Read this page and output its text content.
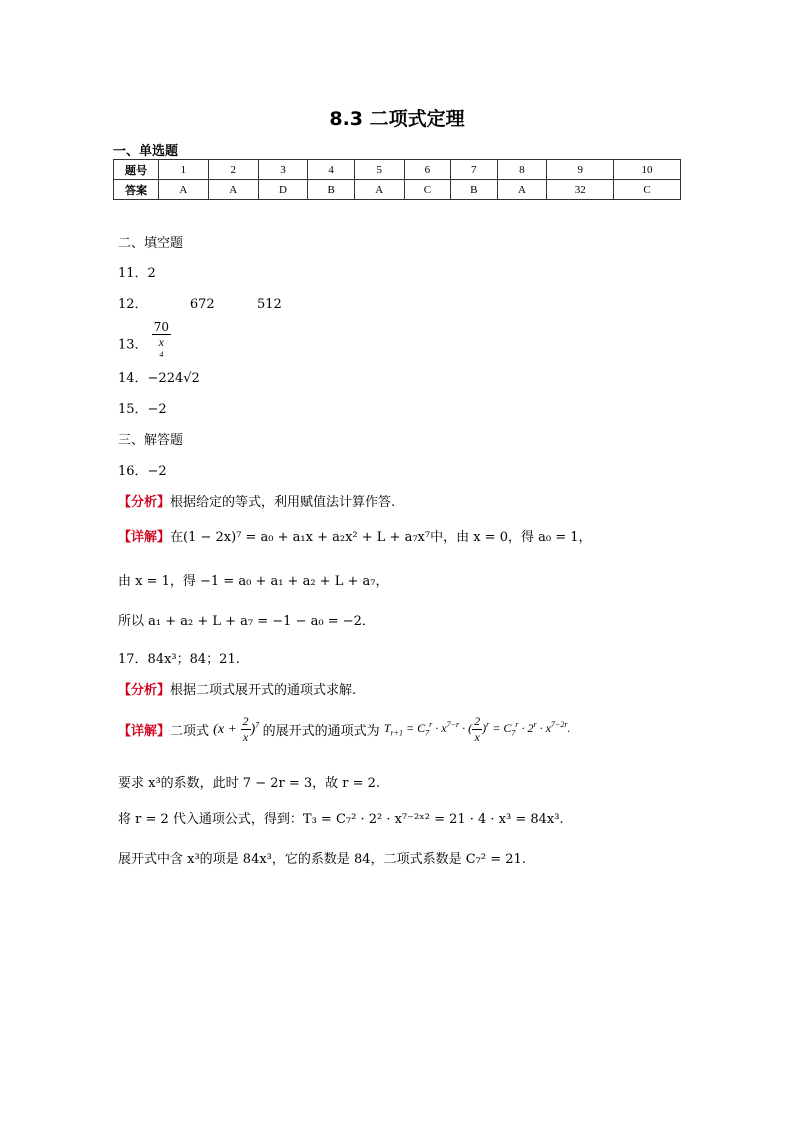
8.3 二项式定理
一、单选题
题号	1	2	3	4	5	6	7	8	9	10
答案	A	A	D	B	A	C	B	A	32	C
二、填空题
11．2
12．	672	512
13． 70
x
$^4$
14．−224√2
15．−2
三、解答题
16．−2
【分析】根据给定的等式，利用赋值法计算作答.
【详解】在(1 − 2x)⁷ = a₀ + a₁x + a₂x² + L + a₇x⁷中，由 x = 0，得 a₀ = 1，
由 x = 1，得 −1 = a₀ + a₁ + a₂ + L + a₇，
所以 a₁ + a₂ + L + a₇ = −1 − a₀ = −2．
17．84x³；84；21.
【分析】根据二项式展开式的通项式求解.
【详解】二项式 $(x + \frac{2}{x} )^7$ 的展开式的通项式为 $T_{r+1} = C_7^r \cdot x^{7-r}$ · ( $\frac{2}{x} )^r = C_7^r \cdot 2^r \cdot x^{7-2r}$.
要求 x³的系数，此时 7 − 2r = 3，故 r = 2.
将 r = 2 代入通项公式，得到：T₃ = C₇² · 2² · x⁷⁻²ˣ² = 21 · 4 · x³ = 84x³.
展开式中含 x³的项是 84x³，它的系数是 84，二项式系数是 C₇² = 21.
